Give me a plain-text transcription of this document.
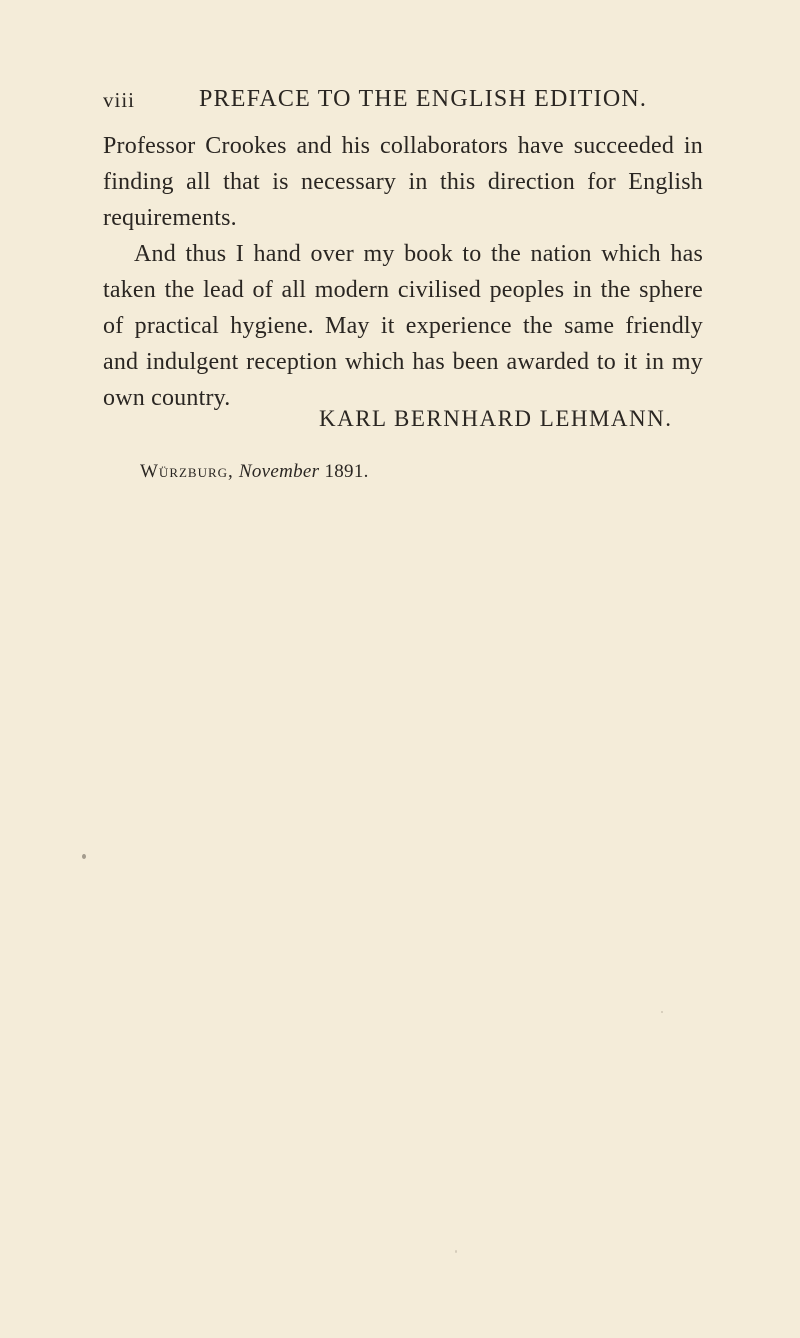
viii	PREFACE TO THE ENGLISH EDITION.

Professor Crookes and his collaborators have succeeded in finding all that is necessary in this direction for English requirements.

And thus I hand over my book to the nation which has taken the lead of all modern civilised peoples in the sphere of practical hygiene. May it experience the same friendly and indulgent reception which has been awarded to it in my own country.

KARL BERNHARD LEHMANN.
Würzburg, November 1891.
